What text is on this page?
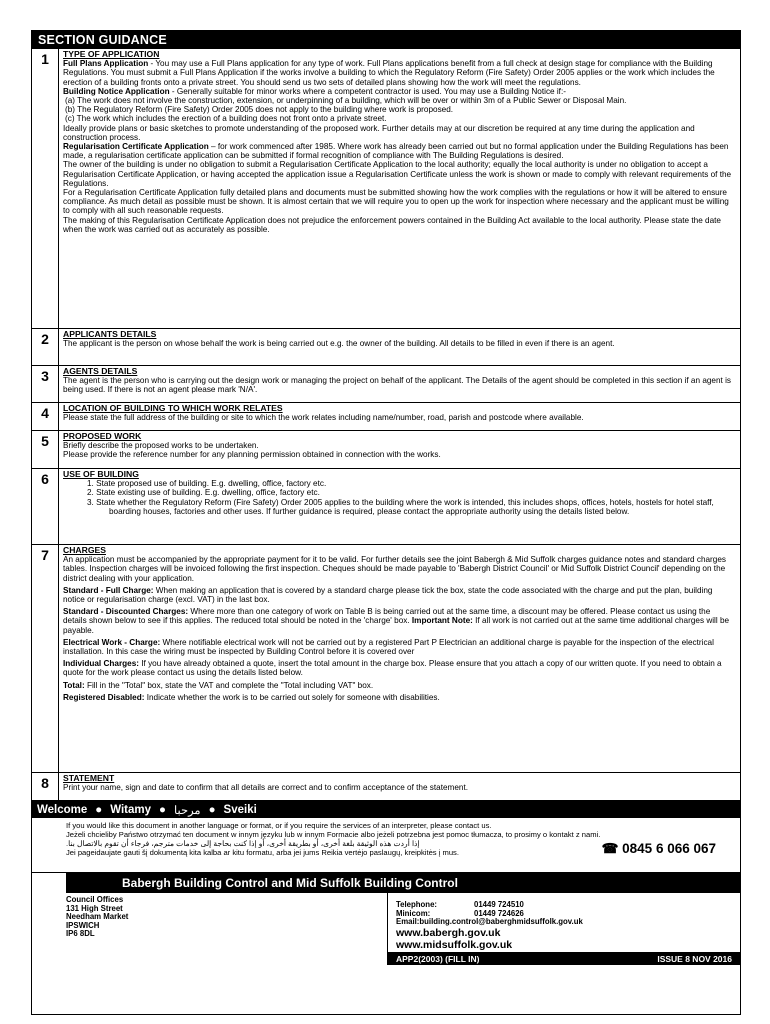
SECTION GUIDANCE
1	TYPE OF APPLICATION

Full Plans Application - You may use a Full Plans application for any type of work. Full Plans applications benefit from a full check at design stage for compliance with the Building Regulations. You must submit a Full Plans Application if the works involve a building to which the Regulatory Reform (Fire Safety) Order 2005 applies or the work which includes the erection of a building fronts onto a private street. You should send us two sets of detailed plans showing how the work will meet the regulations.

Building Notice Application - Generally suitable for minor works where a competent contractor is used. You may use a Building Notice if:-

(a) The work does not involve the construction, extension, or underpinning of a building, which will be over or within 3m of a Public Sewer or Disposal Main.

(b) The Regulatory Reform (Fire Safety) Order 2005 does not apply to the building where work is proposed.

(c) The work which includes the erection of a building does not front onto a private street.

Ideally provide plans or basic sketches to promote understanding of the proposed work. Further details may at our discretion be required at any time during the application and construction process.

Regularisation Certificate Application – for work commenced after 1985. Where work has already been carried out but no formal application under the Building Regulations has been made, a regularisation certificate application can be submitted if formal recognition of compliance with The Building Regulations is desired.

The owner of the building is under no obligation to submit a Regularisation Certificate Application to the local authority; equally the local authority is under no obligation to accept a Regularisation Certificate Application, or having accepted the application issue a Regularisation Certificate unless the work is shown or made to comply with relevant requirements of the Regulations.

For a Regularisation Certificate Application fully detailed plans and documents must be submitted showing how the work complies with the regulations or how it will be altered to ensure compliance. As much detail as possible must be shown. It is almost certain that we will require you to open up the work for inspection where necessary and the applicant must be willing to comply with all such reasonable requests.

The making of this Regularisation Certificate Application does not prejudice the enforcement powers contained in the Building Act available to the local authority. Please state the date when the work was carried out as accurately as possible.

2	APPLICANTS DETAILS

The applicant is the person on whose behalf the work is being carried out e.g. the owner of the building. All details to be filled in even if there is an agent.

3	AGENTS DETAILS

The agent is the person who is carrying out the design work or managing the project on behalf of the applicant. The Details of the agent should be completed in this section if an agent is being used. If there is not an agent please mark 'N/A'.

4	LOCATION OF BUILDING TO WHICH WORK RELATES

Please state the full address of the building or site to which the work relates including name/number, road, parish and postcode where available.

5	PROPOSED WORK

Briefly describe the proposed works to be undertaken.

Please provide the reference number for any planning permission obtained in connection with the works.

6	USE OF BUILDING
1. State proposed use of building. E.g. dwelling, office, factory etc.
2. State existing use of building. E.g. dwelling, office, factory etc.
3. State whether the Regulatory Reform (Fire Safety) Order 2005 applies to the building where the work is intended, this includes shops, offices, hotels, hostels for hotel staff, boarding houses, factories and other uses. If further guidance is required, please contact the appropriate authority using the details listed below.
7	CHARGES

An application must be accompanied by the appropriate payment for it to be valid. For further details see the joint Babergh & Mid Suffolk charges guidance notes and standard charges tables. Inspection charges will be invoiced following the first inspection. Cheques should be made payable to 'Babergh District Council' or Mid Suffolk District Council' depending on the district dealing with your application.

Standard - Full Charge: When making an application that is covered by a standard charge please tick the box, state the code associated with the charge and put the plan, building notice or regularisation charge (excl. VAT) in the last box.

Standard - Discounted Charges: Where more than one category of work on Table B is being carried out at the same time, a discount may be offered. Please contact us using the details shown below to see if this applies. The reduced total should be noted in the 'charge' box. Important Note: If all work is not carried out at the same time additional charges will be payable.

Electrical Work - Charge: Where notifiable electrical work will not be carried out by a registered Part P Electrician an additional charge is payable for the inspection of the electrical installation. In this case the wiring must be inspected by Building Control before it is covered over

Individual Charges: If you have already obtained a quote, insert the total amount in the charge box. Please ensure that you attach a copy of our written quote. If you need to obtain a quote for the work please contact us using the details listed below.

Total: Fill in the "Total" box, state the VAT and complete the "Total including VAT" box.

Registered Disabled: Indicate whether the work is to be carried out solely for someone with disabilities.

8	STATEMENT

Print your name, sign and date to confirm that all details are correct and to confirm acceptance of the statement.

Welcome ● Witamy ● مرحبا ● Sveiki
If you would like this document in another language or format, or if you require the services of an interpreter, please contact us.
Jeżeli chcieliby Państwo otrzymać ten document w innym języku lub w innym Formacie albo jeżeli potrzebna jest pomoc tłumacza, to prosimy o kontakt z nami.
إذا أردت هذه الوثيقة بلغة أخرى، أو بطريقة أخرى، أو إذا كنت بحاجة إلى خدمات مترجم، فرجاء أن تقوم بالاتصال بنا.
Jei pageidaujate gauti šį dokumentą kita kalba ar kitu formatu, arba jei jums Reikia vertėjo paslaugų, kreipkitės į mus.	☎ 0845 6 066 067
Babergh Building Control and Mid Suffolk Building Control
Council Offices
131 High Street
Needham Market
IPSWICH
IP6 8DL
Telephone:	01449 724510
Minicom:	01449 724626
Email:building.control@baberghmidsuffolk.gov.uk
www.babergh.gov.uk
www.midsuffolk.gov.uk
APP2(2003) (FILL IN)	ISSUE 8 NOV 2016
